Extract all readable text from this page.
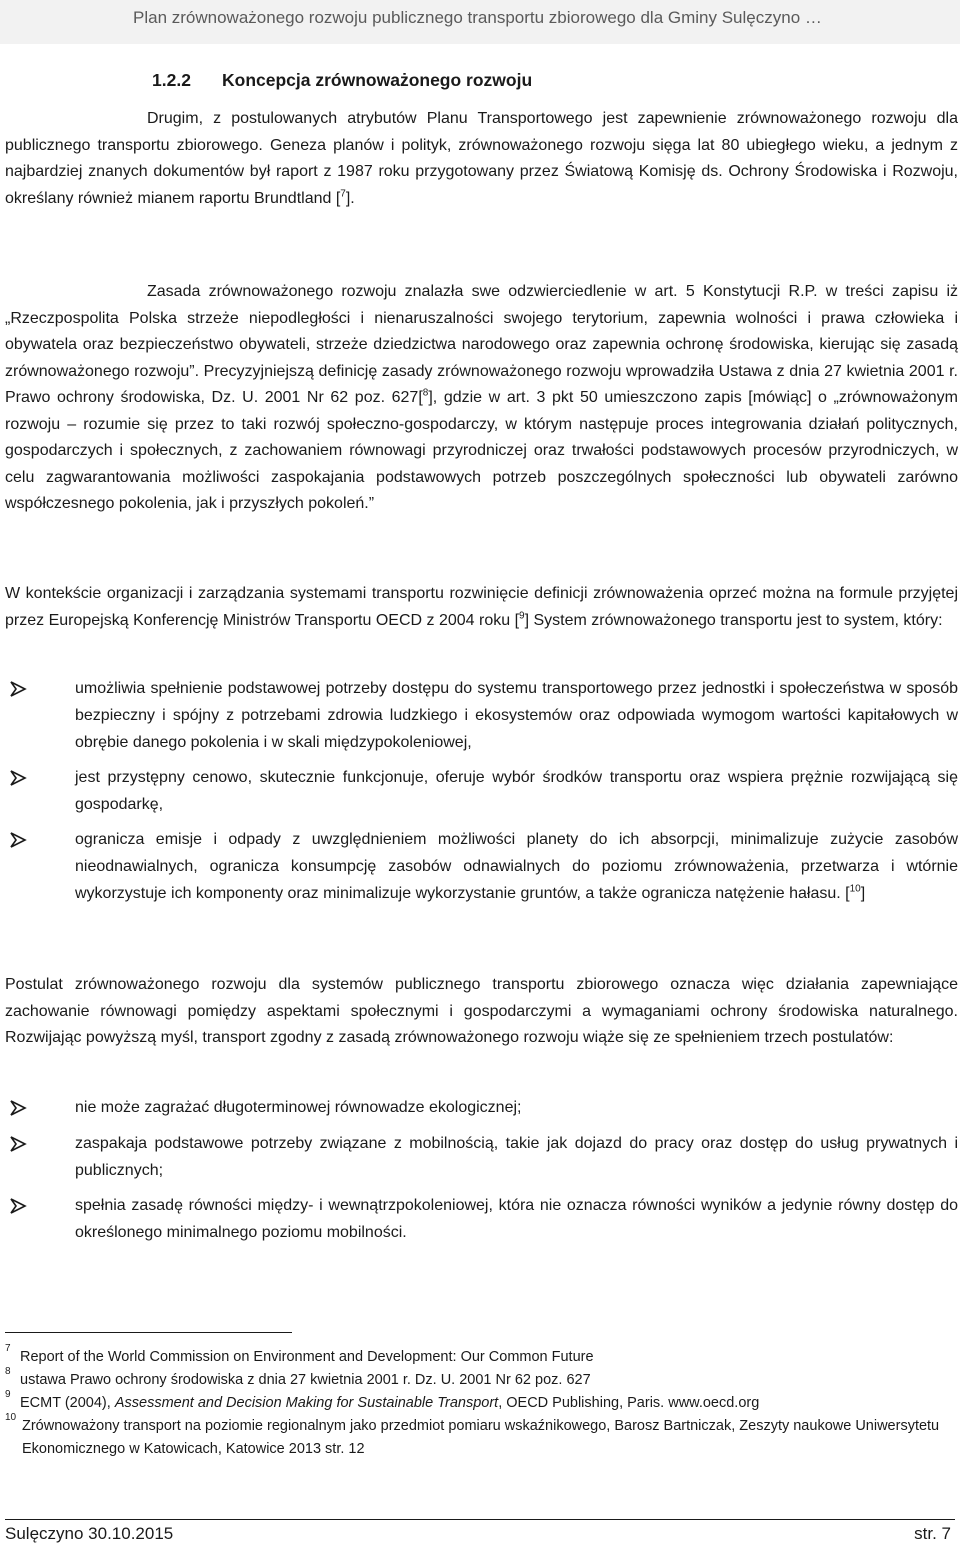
Plan zrównoważonego rozwoju publicznego transportu zbiorowego dla Gminy Sulęczyno …
1.2.2 Koncepcja zrównoważonego rozwoju
Drugim, z postulowanych atrybutów Planu Transportowego jest zapewnienie zrównoważonego rozwoju dla publicznego transportu zbiorowego. Geneza planów i polityk, zrównoważonego rozwoju sięga lat 80 ubiegłego wieku, a jednym z najbardziej znanych dokumentów był raport z 1987 roku przygotowany przez Światową Komisję ds. Ochrony Środowiska i Rozwoju, określany również mianem raportu Brundtland [$^7$].
Zasada zrównoważonego rozwoju znalazła swe odzwierciedlenie w art. 5 Konstytucji R.P. w treści zapisu iż „Rzeczpospolita Polska strzeże niepodległości i nienaruszalności swojego terytorium, zapewnia wolności i prawa człowieka i obywatela oraz bezpieczeństwo obywateli, strzeże dziedzictwa narodowego oraz zapewnia ochronę środowiska, kierując się zasadą zrównoważonego rozwoju”. Precyzyjniejszą definicję zasady zrównoważonego rozwoju wprowadziła Ustawa z dnia 27 kwietnia 2001 r. Prawo ochrony środowiska, Dz. U. 2001 Nr 62 poz. 627[$^8$], gdzie w art. 3 pkt 50 umieszczono zapis [mówiąc] o „zrównoważonym rozwoju – rozumie się przez to taki rozwój społeczno-gospodarczy, w którym następuje proces integrowania działań politycznych, gospodarczych i społecznych, z zachowaniem równowagi przyrodniczej oraz trwałości podstawowych procesów przyrodniczych, w celu zagwarantowania możliwości zaspokajania podstawowych potrzeb poszczególnych społeczności lub obywateli zarówno współczesnego pokolenia, jak i przyszłych pokoleń.”
W kontekście organizacji i zarządzania systemami transportu rozwinięcie definicji zrównoważenia oprzeć można na formule przyjętej przez Europejską Konferencję Ministrów Transportu OECD z 2004 roku [$^9$] System zrównoważonego transportu jest to system, który:
umożliwia spełnienie podstawowej potrzeby dostępu do systemu transportowego przez jednostki i społeczeństwa w sposób bezpieczny i spójny z potrzebami zdrowia ludzkiego i ekosystemów oraz odpowiada wymogom wartości kapitałowych w obrębie danego pokolenia i w skali międzypokoleniowej,
jest przystępny cenowo, skutecznie funkcjonuje, oferuje wybór środków transportu oraz wspiera prężnie rozwijającą się gospodarkę,
ogranicza emisje i odpady z uwzględnieniem możliwości planety do ich absorpcji, minimalizuje zużycie zasobów nieodnawialnych, ogranicza konsumpcję zasobów odnawialnych do poziomu zrównoważenia, przetwarza i wtórnie wykorzystuje ich komponenty oraz minimalizuje wykorzystanie gruntów, a także ogranicza natężenie hałasu. [$^{10}$]
Postulat zrównoważonego rozwoju dla systemów publicznego transportu zbiorowego oznacza więc działania zapewniające zachowanie równowagi pomiędzy aspektami społecznymi i gospodarczymi a wymaganiami ochrony środowiska naturalnego. Rozwijając powyższą myśl, transport zgodny z zasadą zrównoważonego rozwoju wiąże się ze spełnieniem trzech postulatów:
nie może zagrażać długoterminowej równowadze ekologicznej;
zaspakaja podstawowe potrzeby związane z mobilnością, takie jak dojazd do pracy oraz dostęp do usług prywatnych i publicznych;
spełnia zasadę równości między- i wewnątrzpokoleniowej, która nie oznacza równości wyników a jedynie równy dostęp do określonego minimalnego poziomu mobilności.
7
Report of the World Commission on Environment and Development: Our Common Future
8
ustawa Prawo ochrony środowiska z dnia 27 kwietnia 2001 r. Dz. U. 2001 Nr 62 poz. 627
9
ECMT (2004), Assessment and Decision Making for Sustainable Transport, OECD Publishing, Paris. www.oecd.org
10
Zrównoważony transport na poziomie regionalnym jako przedmiot pomiaru wskaźnikowego, Barosz Bartniczak, Zeszyty naukowe Uniwersytetu Ekonomicznego w Katowicach, Katowice 2013 str. 12
Sulęczyno 30.10.2015	str. 7
